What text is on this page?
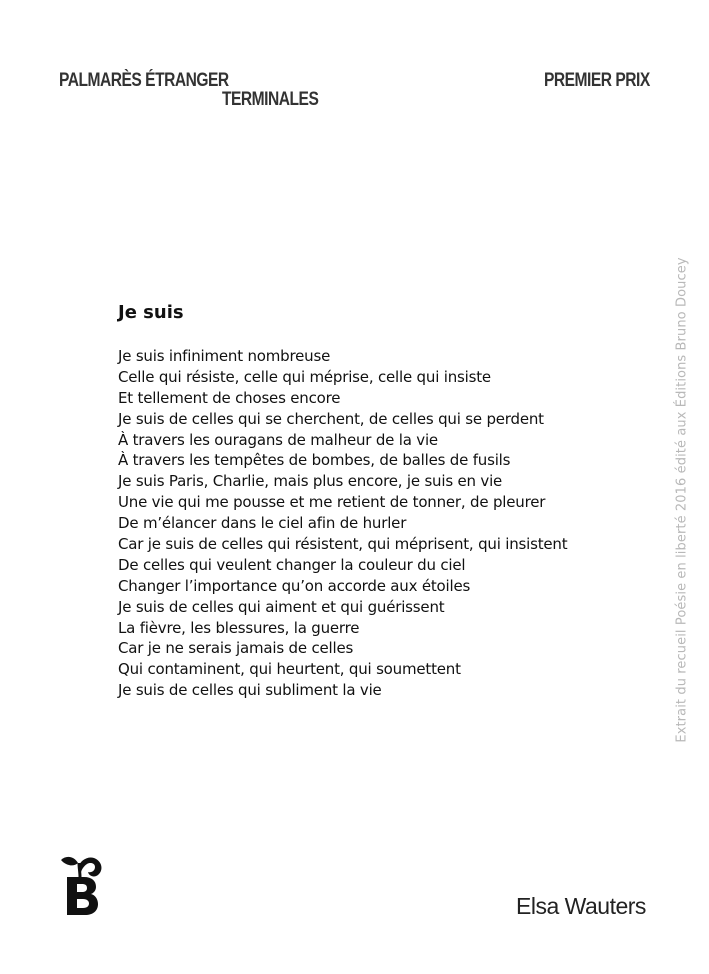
PALMARÈS ÉTRANGER
TERMINALES
PREMIER PRIX
Je suis
Je suis infiniment nombreuse
Celle qui résiste, celle qui méprise, celle qui insiste
Et tellement de choses encore
Je suis de celles qui se cherchent, de celles qui se perdent
À travers les ouragans de malheur de la vie
À travers les tempêtes de bombes, de balles de fusils
Je suis Paris, Charlie, mais plus encore, je suis en vie
Une vie qui me pousse et me retient de tonner, de pleurer
De m’élancer dans le ciel afin de hurler
Car je suis de celles qui résistent, qui méprisent, qui insistent
De celles qui veulent changer la couleur du ciel
Changer l’importance qu’on accorde aux étoiles
Je suis de celles qui aiment et qui guérissent
La fièvre, les blessures, la guerre
Car je ne serais jamais de celles
Qui contaminent, qui heurtent, qui soumettent
Je suis de celles qui subliment la vie	Extrait du recueil Poésie en liberté 2016 édité aux Éditions Bruno Doucey
Elsa Wauters
